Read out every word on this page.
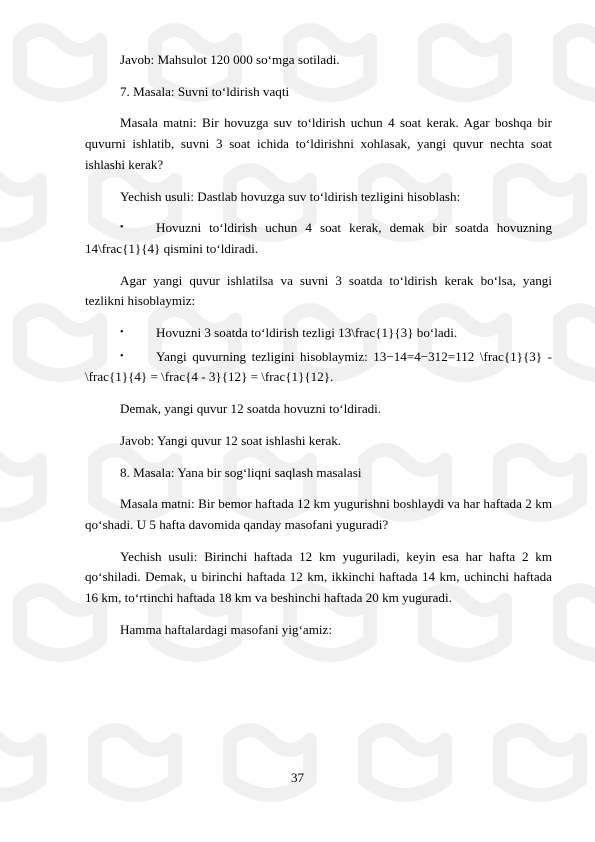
Javob: Mahsulot 120 000 so‘mga sotiladi.

7. Masala: Suvni to‘ldirish vaqti

Masala matni: Bir hovuzga suv to‘ldirish uchun 4 soat kerak. Agar boshqa bir quvurni ishlatib, suvni 3 soat ichida to‘ldirishni xohlasak, yangi quvur nechta soat ishlashi kerak?

Yechish usuli: Dastlab hovuzga suv to‘ldirish tezligini hisoblash:

• Hovuzni to‘ldirish uchun 4 soat kerak, demak bir soatda hovuzning 14\frac{1}{4} qismini to‘ldiradi.

Agar yangi quvur ishlatilsa va suvni 3 soatda to‘ldirish kerak bo‘lsa, yangi tezlikni hisoblaymiz:

• Hovuzni 3 soatda to‘ldirish tezligi 13\frac{1}{3} bo‘ladi.
• Yangi quvurning tezligini hisoblaymiz: 13−14=4−312=112 \frac{1}{3} - \frac{1}{4} = \frac{4 - 3}{12} = \frac{1}{12}.

Demak, yangi quvur 12 soatda hovuzni to‘ldiradi.

Javob: Yangi quvur 12 soat ishlashi kerak.

8. Masala: Yana bir sog‘liqni saqlash masalasi

Masala matni: Bir bemor haftada 12 km yugurishni boshlaydi va har haftada 2 km qo‘shadi. U 5 hafta davomida qanday masofani yuguradi?

Yechish usuli: Birinchi haftada 12 km yuguriladi, keyin esa har hafta 2 km qo‘shiladi. Demak, u birinchi haftada 12 km, ikkinchi haftada 14 km, uchinchi haftada 16 km, to‘rtinchi haftada 18 km va beshinchi haftada 20 km yuguradi.

Hamma haftalardagi masofani yig‘amiz:

37
